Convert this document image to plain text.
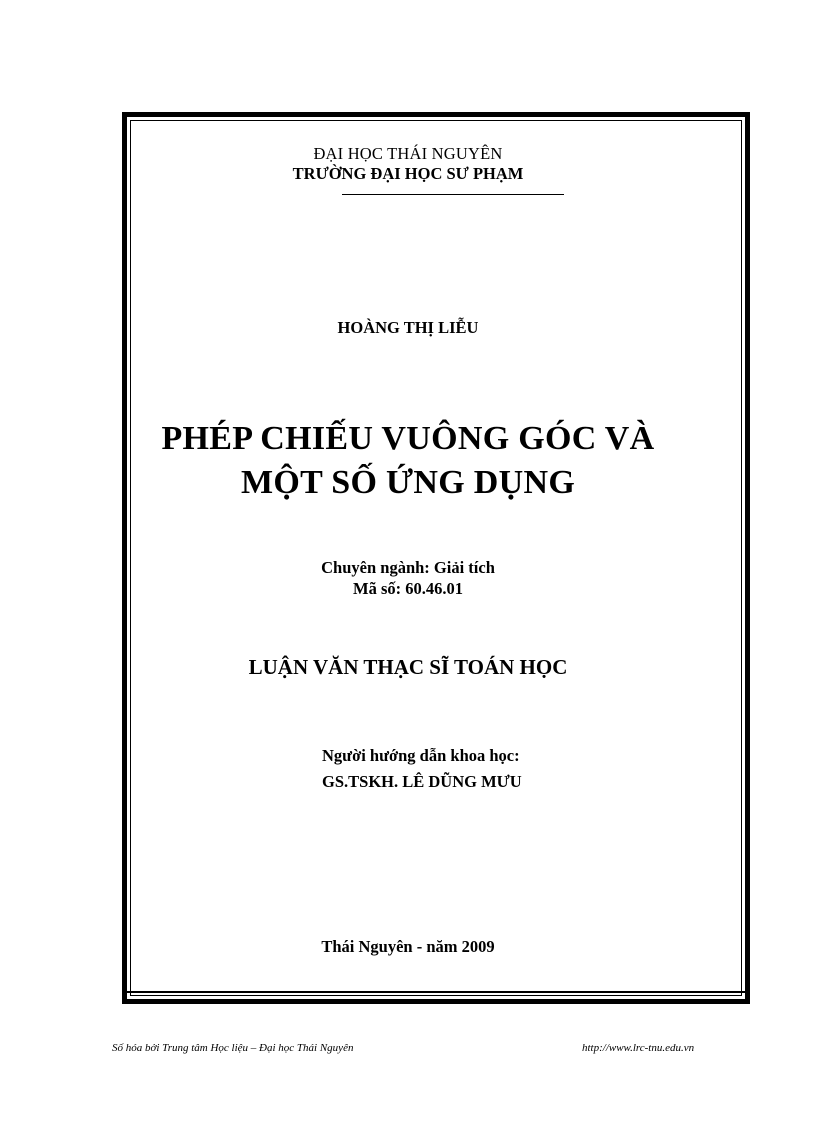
ĐẠI HỌC THÁI NGUYÊN
TRƯỜNG ĐẠI HỌC SƯ PHẠM
HOÀNG THỊ LIỄU
PHÉP CHIẾU VUÔNG GÓC VÀ
MỘT SỐ ỨNG DỤNG
Chuyên ngành: Giải tích
Mã số: 60.46.01
LUẬN VĂN THẠC SĨ TOÁN HỌC
Người hướng dẫn khoa học:
GS.TSKH. LÊ DŨNG MƯU
Thái Nguyên - năm 2009
Số hóa bởi Trung tâm Học liệu – Đại học Thái Nguyên	http://www.lrc-tnu.edu.vn
